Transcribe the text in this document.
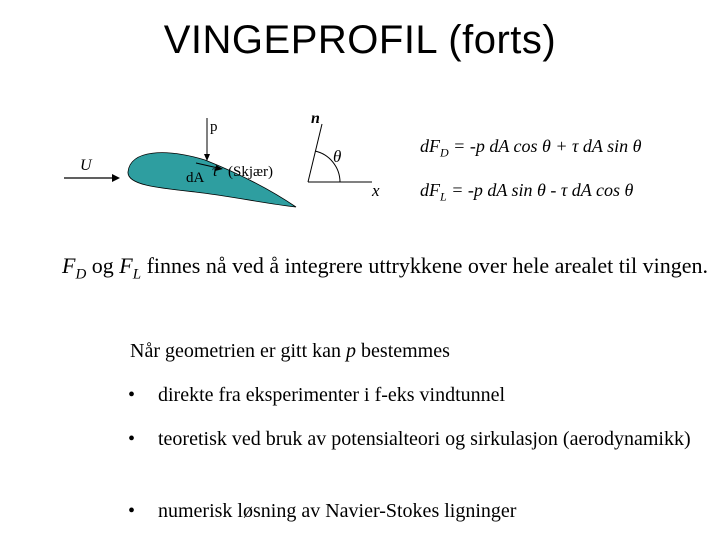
VINGEPROFIL (forts)
U
p
τ (Skjær)
dA
n
θ
x
$dF_D = -p$ dA cos θ + τ dA sin θ
$dF_L = -p$ dA sin θ - τ dA cos θ
$F_D$ og $F_L$ finnes nå ved å integrere uttrykkene over hele arealet til vingen.
Når geometrien er gitt kan p bestemmes
• direkte fra eksperimenter i f-eks vindtunnel
• teoretisk ved bruk av potensialteori og sirkulasjon (aerodynamikk)
• numerisk løsning av Navier-Stokes ligninger
